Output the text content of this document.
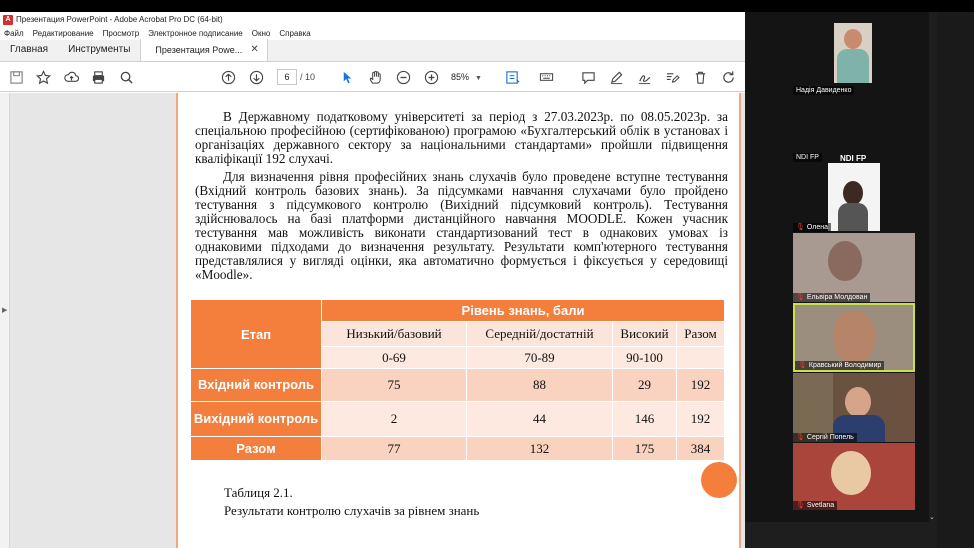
A Презентация PowerPoint - Adobe Acrobat Pro DC (64-bit)
Файл Редактирование Просмотр Электронное подписание Окно Справка
Главная	Инструменты	Презентация Powe... ✕
6	/ 10	85% ▼
▶

В Державному податковому університеті за період з 27.03.2023р. по 08.05.2023р. за спеціальною професійною (сертифікованою) програмою «Бухгалтерський облік в установах і організаціях державного сектору за національними стандартами» пройшли підвищення кваліфікації 192 слухачі.

Для визначення рівня професійних знань слухачів було проведене вступне тестування (Вхідний контроль базових знань). За підсумками навчання слухачами було пройдено тестування з підсумкового контролю (Вихідний підсумковий контроль). Тестування здійснювалось на базі платформи дистанційного навчання MOODLE. Кожен учасник тестування мав можливість виконати стандартизований тест в однакових умовах із однаковими підходами до визначення результату. Результати комп'ютерного тестування представлялися у вигляді оцінки, яка автоматично формується і фіксується у середовищі «Moodle».

Етап
Рівень знань, бали
Низький/базовий	Середній/достатній	Високий	Разом
0-69	70-89	90-100
Вхідний контроль	75	88	29	192
Вихідний контроль	2	44	146	192
Разом	77	132	175	384
Таблиця 2.1.
Результати контролю слухачів за рівнем знань
Надія Давиденко
NDI FP
NDI FP
🎙 Олена
🎙 Ельвіра Молдован
🎙 Кравський Володимир
🎙 Сергій Попель
🎙 Svetlana
⌄
